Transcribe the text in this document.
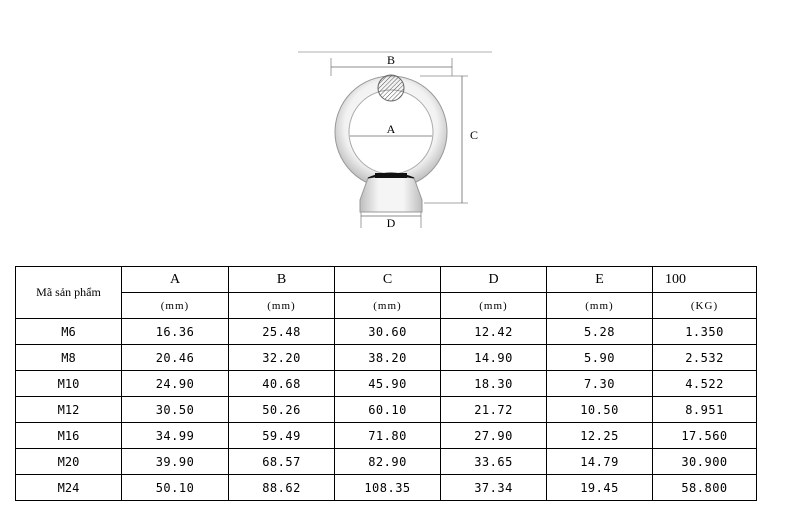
B
A	C
D
Mã sản phẩm	A	B	C	D	E	100
	(mm)	(mm)	(mm)	(mm)	(mm)	(KG)
M6	16.36	25.48	30.60	12.42	5.28	1.350
M8	20.46	32.20	38.20	14.90	5.90	2.532
M10	24.90	40.68	45.90	18.30	7.30	4.522
M12	30.50	50.26	60.10	21.72	10.50	8.951
M16	34.99	59.49	71.80	27.90	12.25	17.560
M20	39.90	68.57	82.90	33.65	14.79	30.900
M24	50.10	88.62	108.35	37.34	19.45	58.800
